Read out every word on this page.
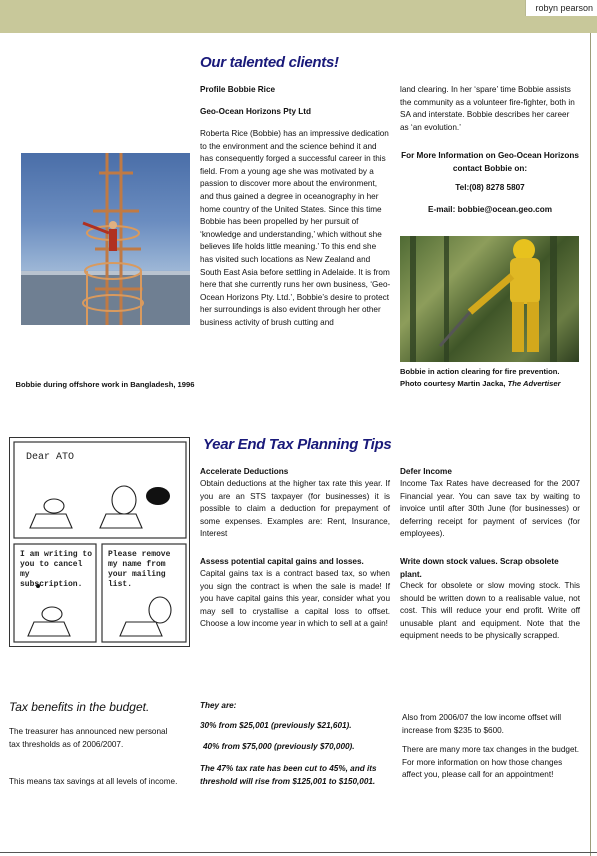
robyn pearson
Bobbie during offshore work in Bangladesh, 1996
Our talented clients!
Profile Bobbie Rice
Geo-Ocean Horizons Pty Ltd
Roberta Rice (Bobbie) has an impressive dedication to the environment and the science behind it and has consequently forged a successful career in this field. From a young age she was motivated by a passion to discover more about the environment, and thus gained a degree in oceanography in her home country of the United States. Since this time Bobbie has been propelled by her pursuit of ‘knowledge and understanding,’ which without she believes life holds little meaning.’ To this end she has visited such locations as New Zealand and South East Asia before settling in Adelaide. It is from here that she currently runs her own business, ‘Geo-Ocean Horizons Pty. Ltd.’, Bobbie’s desire to protect her surroundings is also evident through her other business activity of brush cutting and
land clearing. In her ‘spare’ time Bobbie assists the community as a volunteer fire-fighter, both in SA and interstate. Bobbie describes her career as ‘an evolution.’
For More Information on Geo-Ocean Horizons contact Bobbie on:
Tel:(08) 8278 5807
E-mail: bobbie@ocean.geo.com
Bobbie in action clearing for fire prevention. Photo courtesy Martin Jacka, The Advertiser
Dear ATO
I am writing to you to cancel my subscription.
Please remove my name from your mailing list.
Year End Tax Planning Tips
Accelerate Deductions
Obtain deductions at the higher tax rate this year. If you are an STS taxpayer (for businesses) it is possible to claim a deduction for prepayment of some expenses. Examples are: Rent, Insurance, Interest
Assess potential capital gains and losses.
Capital gains tax is a contract based tax, so when you sign the contract is when the sale is made! If you have capital gains this year, consider what you may sell to crystallise a capital loss to offset. Choose a low income year in which to sell at a gain!
Defer Income
Income Tax Rates have decreased for the 2007 Financial year. You can save tax by waiting to invoice until after 30th June (for businesses) or deferring receipt for payment of services (for employees).
Write down stock values. Scrap obsolete plant.
Check for obsolete or slow moving stock. This should be written down to a realisable value, not cost. This will reduce your end profit. Write off unusable plant and equipment. Note that the equipment needs to be physically scrapped.
Tax benefits in the budget.
The treasurer has announced new personal tax thresholds as of 2006/2007.
This means tax savings at all levels of income.
They are:
30% from $25,001 (previously $21,601).
40% from $75,000 (previously $70,000).
The 47% tax rate has been cut to 45%, and its threshold will rise from $125,001 to $150,001.
Also from 2006/07 the low income offset will increase from $235 to $600.
There are many more tax changes in the budget. For more information on how those changes affect you, please call for an appointment!
